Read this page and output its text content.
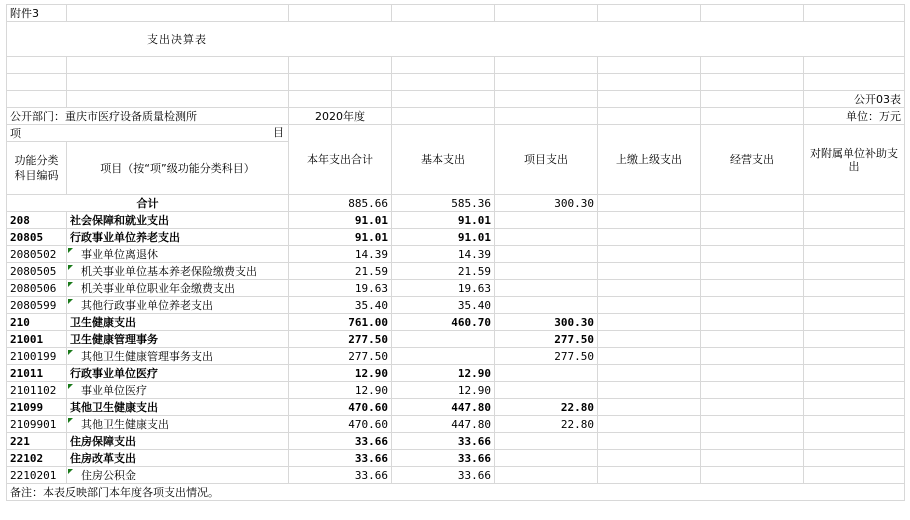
附件3							
支出决算表							

							公开03表
公开部门：重庆市医疗设备质量检测所		2020年度					单位：万元
项 目		本年支出合计	基本支出	项目支出	上缴上级支出	经营支出	对附属单位补助支出
功能分类科目编码	项目（按“项”级功能分类科目）						
合计		885.66	585.36	300.30			
208	社会保障和就业支出	91.01	91.01				
20805	行政事业单位养老支出	91.01	91.01				
2080502	事业单位离退休	14.39	14.39				
2080505	机关事业单位基本养老保险缴费支出	21.59	21.59				
2080506	机关事业单位职业年金缴费支出	19.63	19.63				
2080599	其他行政事业单位养老支出	35.40	35.40				
210	卫生健康支出	761.00	460.70	300.30			
21001	卫生健康管理事务	277.50		277.50			
2100199	其他卫生健康管理事务支出	277.50		277.50			
21011	行政事业单位医疗	12.90	12.90				
2101102	事业单位医疗	12.90	12.90				
21099	其他卫生健康支出	470.60	447.80	22.80			
2109901	其他卫生健康支出	470.60	447.80	22.80			
221	住房保障支出	33.66	33.66				
22102	住房改革支出	33.66	33.66				
2210201	住房公积金	33.66	33.66				
备注：本表反映部门本年度各项支出情况。							
